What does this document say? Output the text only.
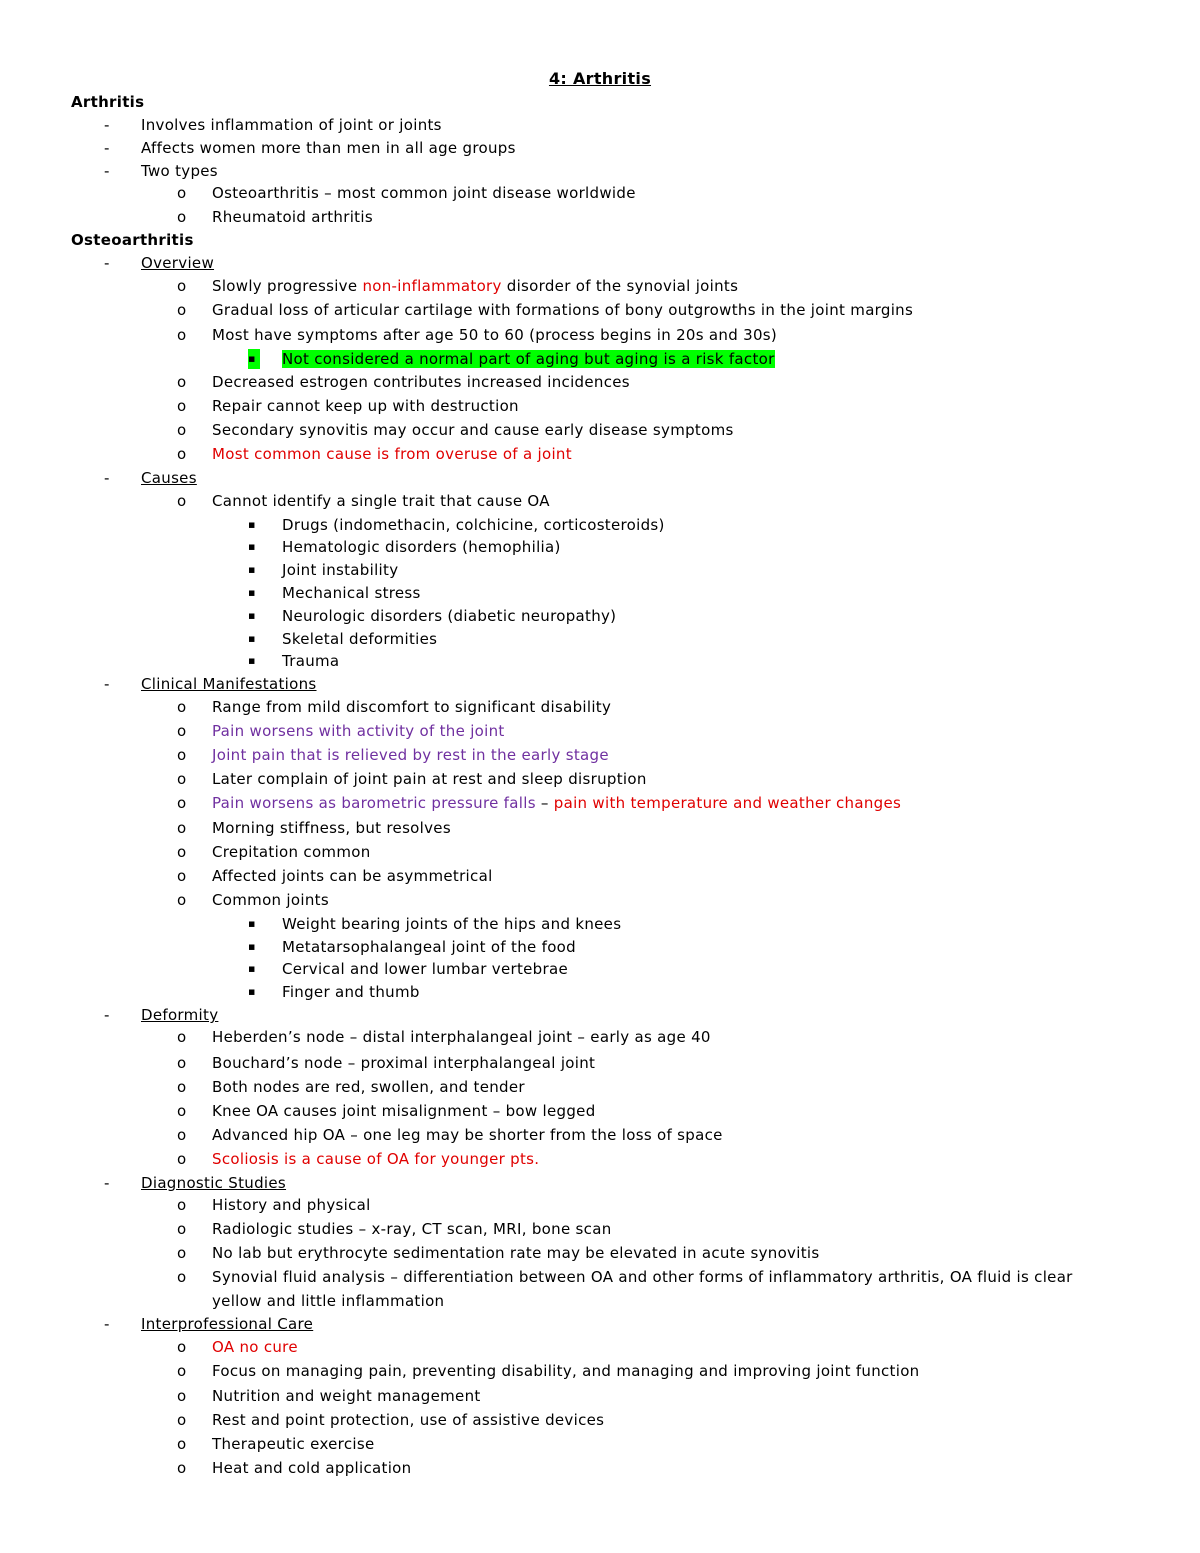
4: Arthritis
Arthritis
- Involves inflammation of joint or joints
- Affects women more than men in all age groups
- Two types
o Osteoarthritis – most common joint disease worldwide
o Rheumatoid arthritis
Osteoarthritis
- Overview
o Slowly progressive non-inflammatory disorder of the synovial joints
o Gradual loss of articular cartilage with formations of bony outgrowths in the joint margins
o Most have symptoms after age 50 to 60 (process begins in 20s and 30s)
▪ Not considered a normal part of aging but aging is a risk factor
o Decreased estrogen contributes increased incidences
o Repair cannot keep up with destruction
o Secondary synovitis may occur and cause early disease symptoms
o Most common cause is from overuse of a joint
- Causes
o Cannot identify a single trait that cause OA
▪ Drugs (indomethacin, colchicine, corticosteroids)
▪ Hematologic disorders (hemophilia)
▪ Joint instability
▪ Mechanical stress
▪ Neurologic disorders (diabetic neuropathy)
▪ Skeletal deformities
▪ Trauma
- Clinical Manifestations
o Range from mild discomfort to significant disability
o Pain worsens with activity of the joint
o Joint pain that is relieved by rest in the early stage
o Later complain of joint pain at rest and sleep disruption
o Pain worsens as barometric pressure falls – pain with temperature and weather changes
o Morning stiffness, but resolves
o Crepitation common
o Affected joints can be asymmetrical
o Common joints
▪ Weight bearing joints of the hips and knees
▪ Metatarsophalangeal joint of the food
▪ Cervical and lower lumbar vertebrae
▪ Finger and thumb
- Deformity
o Heberden’s node – distal interphalangeal joint – early as age 40
o Bouchard’s node – proximal interphalangeal joint
o Both nodes are red, swollen, and tender
o Knee OA causes joint misalignment – bow legged
o Advanced hip OA – one leg may be shorter from the loss of space
o Scoliosis is a cause of OA for younger pts.
- Diagnostic Studies
o History and physical
o Radiologic studies – x-ray, CT scan, MRI, bone scan
o No lab but erythrocyte sedimentation rate may be elevated in acute synovitis
o Synovial fluid analysis – differentiation between OA and other forms of inflammatory arthritis, OA fluid is clear
yellow and little inflammation
- Interprofessional Care
o OA no cure
o Focus on managing pain, preventing disability, and managing and improving joint function
o Nutrition and weight management
o Rest and point protection, use of assistive devices
o Therapeutic exercise
o Heat and cold application
